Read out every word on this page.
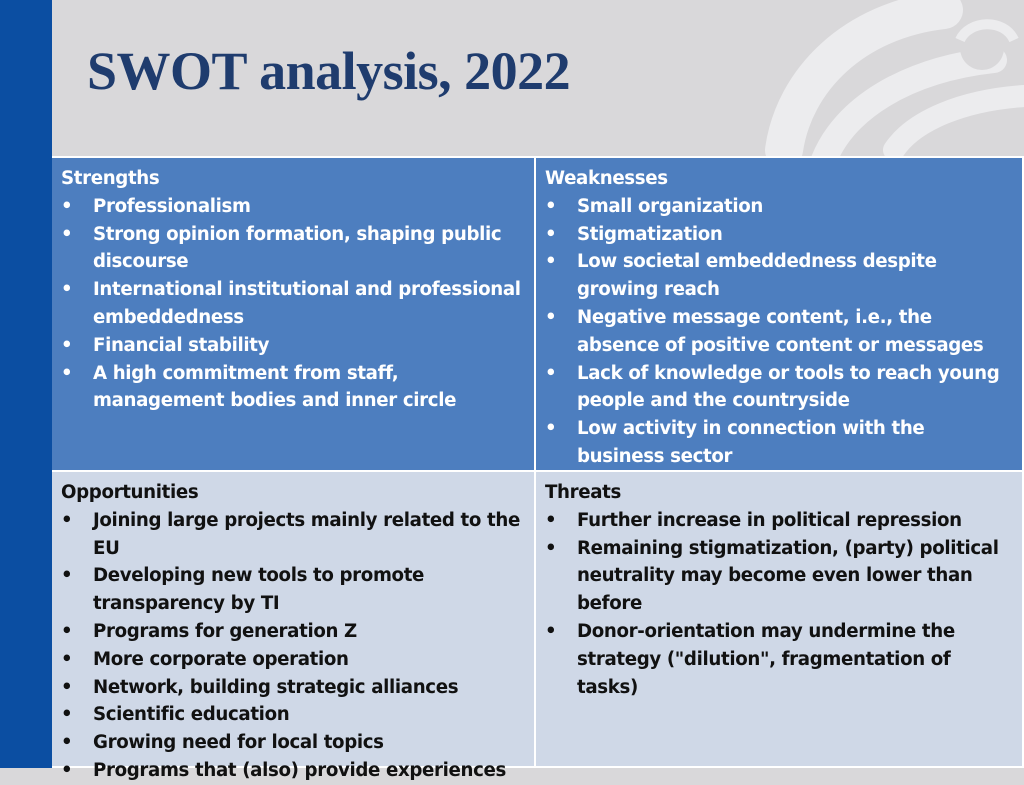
SWOT analysis, 2022
Strengths
• Professionalism
• Strong opinion formation, shaping public discourse
• International institutional and professional embeddedness
• Financial stability
• A high commitment from staff, management bodies and inner circle
Weaknesses
• Small organization
• Stigmatization
• Low societal embeddedness despite growing reach
• Negative message content, i.e., the absence of positive content or messages
• Lack of knowledge or tools to reach young people and the countryside
• Low activity in connection with the business sector
Opportunities
• Joining large projects mainly related to the EU
• Developing new tools to promote transparency by TI
• Programs for generation Z
• More corporate operation
• Network, building strategic alliances
• Scientific education
• Growing need for local topics
• Programs that (also) provide experiences
Threats
• Further increase in political repression
• Remaining stigmatization, (party) political neutrality may become even lower than before
• Donor-orientation may undermine the strategy ("dilution", fragmentation of tasks)
